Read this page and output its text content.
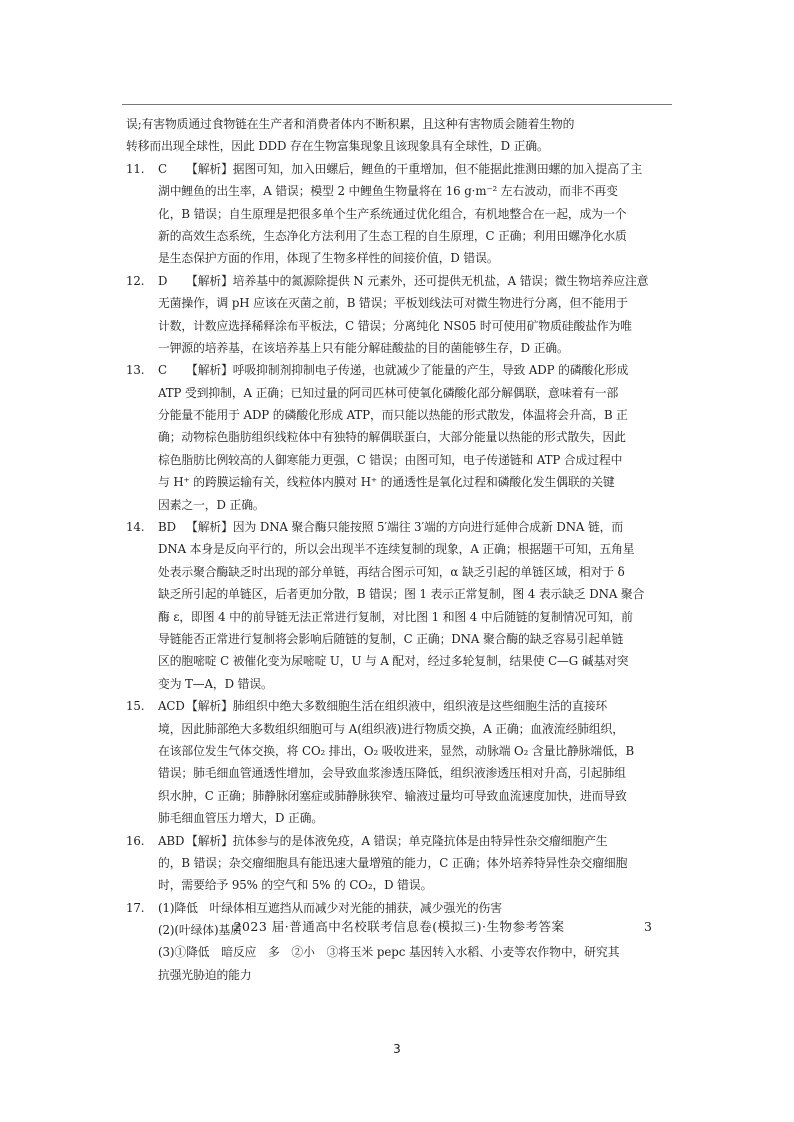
误;有害物质通过食物链在生产者和消费者体内不断积累，且这种有害物质会随着生物的
转移而出现全球性，因此 DDD 存在生物富集现象且该现象具有全球性，D 正确。
11. C 【解析】据图可知，加入田螺后，鲤鱼的干重增加，但不能据此推测田螺的加入提高了主
湖中鲤鱼的出生率，A 错误；模型 2 中鲤鱼生物量将在 16 g·m⁻² 左右波动，而非不再变
化，B 错误；自生原理是把很多单个生产系统通过优化组合，有机地整合在一起，成为一个
新的高效生态系统，生态净化方法利用了生态工程的自生原理，C 正确；利用田螺净化水质
是生态保护方面的作用，体现了生物多样性的间接价值，D 错误。
12. D 【解析】培养基中的氮源除提供 N 元素外，还可提供无机盐，A 错误；微生物培养应注意
无菌操作，调 pH 应该在灭菌之前，B 错误；平板划线法可对微生物进行分离，但不能用于
计数，计数应选择稀释涂布平板法，C 错误；分离纯化 NS05 时可使用矿物质硅酸盐作为唯
一钾源的培养基，在该培养基上只有能分解硅酸盐的目的菌能够生存，D 正确。
13. C 【解析】呼吸抑制剂抑制电子传递，也就减少了能量的产生，导致 ADP 的磷酸化形成
ATP 受到抑制，A 正确；已知过量的阿司匹林可使氧化磷酸化部分解偶联，意味着有一部
分能量不能用于 ADP 的磷酸化形成 ATP，而只能以热能的形式散发，体温将会升高，B 正
确；动物棕色脂肪组织线粒体中有独特的解偶联蛋白，大部分能量以热能的形式散失，因此
棕色脂肪比例较高的人御寒能力更强，C 错误；由图可知，电子传递链和 ATP 合成过程中
与 H⁺ 的跨膜运输有关，线粒体内膜对 H⁺ 的通透性是氧化过程和磷酸化发生偶联的关键
因素之一，D 正确。
14. BD 【解析】因为 DNA 聚合酶只能按照 5′端往 3′端的方向进行延伸合成新 DNA 链，而
DNA 本身是反向平行的，所以会出现半不连续复制的现象，A 正确；根据题干可知，五角星
处表示聚合酶缺乏时出现的部分单链，再结合图示可知，α 缺乏引起的单链区域，相对于 δ
缺乏所引起的单链区，后者更加分散，B 错误；图 1 表示正常复制，图 4 表示缺乏 DNA 聚合
酶 ε，即图 4 中的前导链无法正常进行复制，对比图 1 和图 4 中后随链的复制情况可知，前
导链能否正常进行复制将会影响后随链的复制，C 正确；DNA 聚合酶的缺乏容易引起单链
区的胞嘧啶 C 被催化变为尿嘧啶 U，U 与 A 配对，经过多轮复制，结果使 C—G 碱基对突
变为 T—A，D 错误。
15. ACD【解析】肺组织中绝大多数细胞生活在组织液中，组织液是这些细胞生活的直接环
境，因此肺部绝大多数组织细胞可与 A(组织液)进行物质交换，A 正确；血液流经肺组织，
在该部位发生气体交换，将 CO₂ 排出，O₂ 吸收进来，显然，动脉端 O₂ 含量比静脉端低，B
错误；肺毛细血管通透性增加，会导致血浆渗透压降低，组织液渗透压相对升高，引起肺组
织水肿，C 正确；肺静脉闭塞症或肺静脉狭窄、输液过量均可导致血流速度加快，进而导致
肺毛细血管压力增大，D 正确。
16. ABD 【解析】抗体参与的是体液免疫，A 错误；单克隆抗体是由特异性杂交瘤细胞产生
的，B 错误；杂交瘤细胞具有能迅速大量增殖的能力，C 正确；体外培养特异性杂交瘤细胞
时，需要给予 95% 的空气和 5% 的 CO₂，D 错误。
17. (1)降低　叶绿体相互遮挡从而减少对光能的捕获，减少强光的伤害
(2)(叶绿体)基质
(3)①降低　暗反应　多　②小　③将玉米 pepc 基因转入水稻、小麦等农作物中，研究其
抗强光胁迫的能力
2023 届·普通高中名校联考信息卷(模拟三)·生物参考答案	3
3
